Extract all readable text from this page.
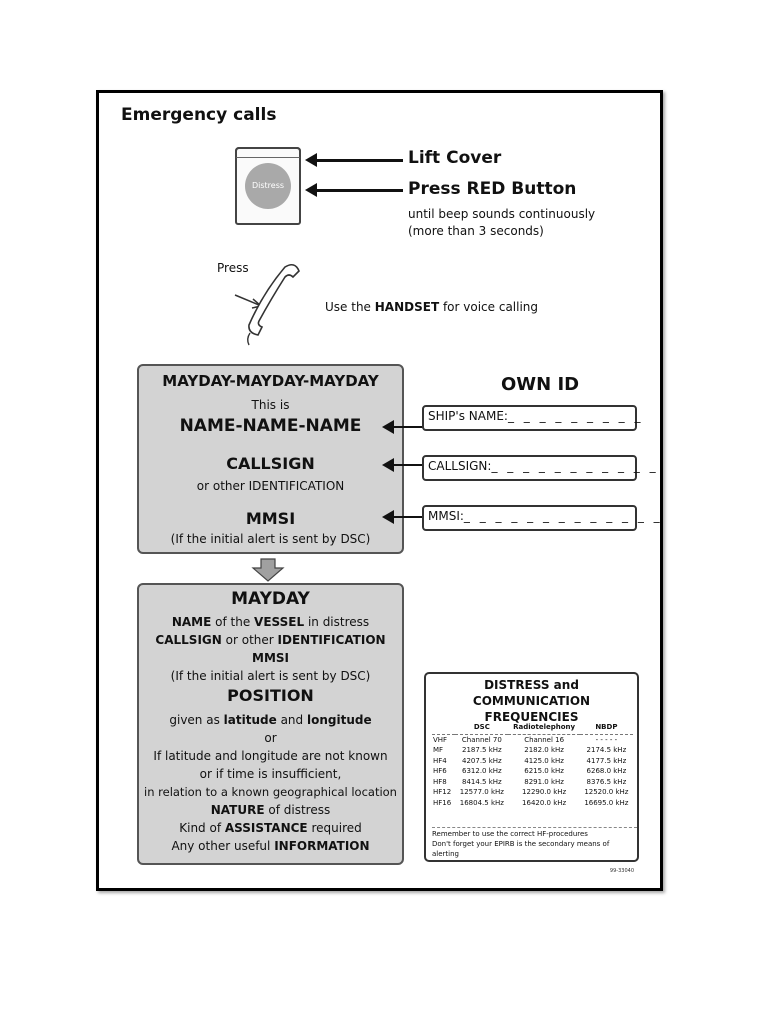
Emergency calls
Distress
Lift Cover
Press RED Button
until beep sounds continuously (more than 3 seconds)
Press
Use the HANDSET for voice calling
MAYDAY-MAYDAY-MAYDAY
This is
NAME-NAME-NAME
CALLSIGN
or other IDENTIFICATION
MMSI
(If the initial alert is sent by DSC)
OWN ID
SHIP's NAME:_ _ _ _ _ _ _ _ _
CALLSIGN:_ _ _ _ _ _ _ _ _ _ _
MMSI:_ _ _ _ _ _ _ _ _ _ _ _ _
MAYDAY
NAME of the VESSEL in distress
CALLSIGN or other IDENTIFICATION
MMSI
(If the initial alert is sent by DSC)
POSITION
given as latitude and longitude
or
If latitude and longitude are not known
or if time is insufficient,
in relation to a known geographical location
NATURE of distress
Kind of ASSISTANCE required
Any other useful INFORMATION
DISTRESS and COMMUNICATION
FREQUENCIES
	DSC	Radiotelephony	NBDP
VHF	Channel 70	Channel 16	- - - - -
MF	2187.5 kHz	2182.0 kHz	2174.5 kHz
HF4	4207.5 kHz	4125.0 kHz	4177.5 kHz
HF6	6312.0 kHz	6215.0 kHz	6268.0 kHz
HF8	8414.5 kHz	8291.0 kHz	8376.5 kHz
HF12	12577.0 kHz	12290.0 kHz	12520.0 kHz
HF16	16804.5 kHz	16420.0 kHz	16695.0 kHz
Remember to use the correct HF-procedures
Don't forget your EPIRB is the secondary means of alerting
99-33040
